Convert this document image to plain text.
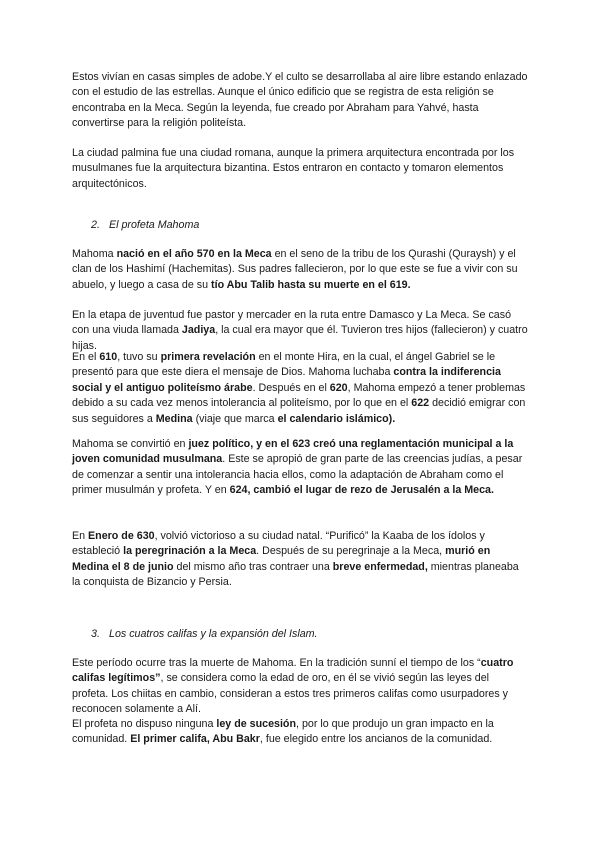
Estos vivían en casas simples de adobe.Y el culto se desarrollaba al aire libre estando enlazado con el estudio de las estrellas. Aunque el único edificio que se registra de esta religión se encontraba en la Meca. Según la leyenda, fue creado por Abraham para Yahvé, hasta convertirse para la religión politeísta.

La ciudad palmina fue una ciudad romana, aunque la primera arquitectura encontrada por los musulmanes fue la arquitectura bizantina. Estos entraron en contacto y tomaron elementos arquitectónicos.

2. El profeta Mahoma

Mahoma nació en el año 570 en la Meca en el seno de la tribu de los Qurashi (Quraysh) y el clan de los Hashimí (Hachemitas). Sus padres fallecieron, por lo que este se fue a vivir con su abuelo, y luego a casa de su tío Abu Talib hasta su muerte en el 619.

En la etapa de juventud fue pastor y mercader en la ruta entre Damasco y La Meca. Se casó con una viuda llamada Jadiya, la cual era mayor que él. Tuvieron tres hijos (fallecieron) y cuatro hijas.

En el 610, tuvo su primera revelación en el monte Hira, en la cual, el ángel Gabriel se le presentó para que este diera el mensaje de Dios. Mahoma luchaba contra la indiferencia social y el antiguo politeísmo árabe. Después en el 620, Mahoma empezó a tener problemas debido a su cada vez menos intolerancia al politeísmo, por lo que en el 622 decidió emigrar con sus seguidores a Medina (viaje que marca el calendario islámico).

Mahoma se convirtió en juez político, y en el 623 creó una reglamentación municipal a la joven comunidad musulmana. Este se apropió de gran parte de las creencias judías, a pesar de comenzar a sentir una intolerancia hacia ellos, como la adaptación de Abraham como el primer musulmán y profeta. Y en 624, cambió el lugar de rezo de Jerusalén a la Meca.

En Enero de 630, volvió victorioso a su ciudad natal. “Purificó” la Kaaba de los ídolos y estableció la peregrinación a la Meca. Después de su peregrinaje a la Meca, murió en Medina el 8 de junio del mismo año tras contraer una breve enfermedad, mientras planeaba la conquista de Bizancio y Persia.

3. Los cuatros califas y la expansión del Islam.

Este período ocurre tras la muerte de Mahoma. En la tradición sunní el tiempo de los “cuatro califas legítimos”, se considera como la edad de oro, en él se vivió según las leyes del profeta. Los chiitas en cambio, consideran a estos tres primeros califas como usurpadores y reconocen solamente a Alí.

El profeta no dispuso ninguna ley de sucesión, por lo que produjo un gran impacto en la comunidad. El primer califa, Abu Bakr, fue elegido entre los ancianos de la comunidad.
